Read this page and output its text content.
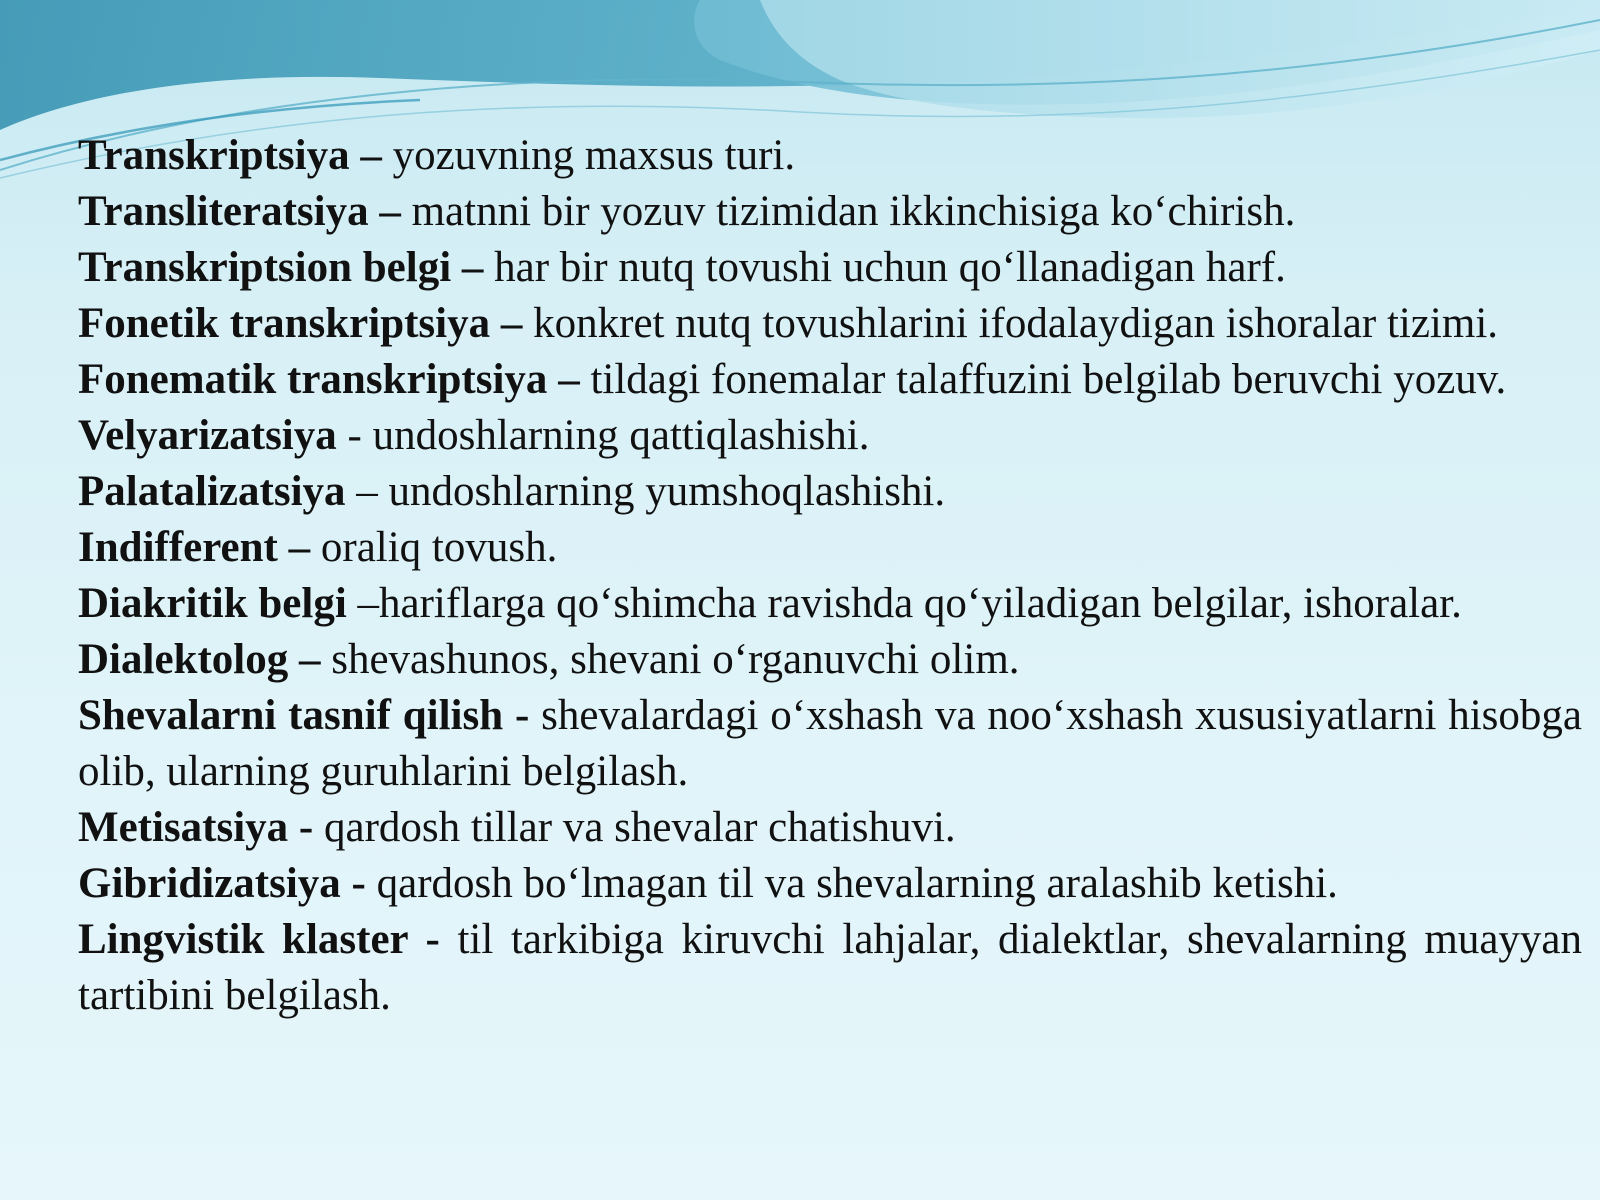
Transkriptsiya – yozuvning maxsus turi.

Transliteratsiya – matnni bir yozuv tizimidan ikkinchisiga ko‘chirish.

Transkriptsion belgi – har bir nutq tovushi uchun qo‘llanadigan harf.

Fonetik transkriptsiya – konkret nutq tovushlarini ifodalaydigan ishoralar tizimi.

Fonematik transkriptsiya – tildagi fonemalar talaffuzini belgilab beruvchi yozuv.

Velyarizatsiya - undoshlarning qattiqlashishi.

Palatalizatsiya – undoshlarning yumshoqlashishi.

Indifferent – oraliq tovush.

Diakritik belgi –hariflarga qo‘shimcha ravishda qo‘yiladigan belgilar, ishoralar.

Dialektolog – shevashunos, shevani o‘rganuvchi olim.

Shevalarni tasnif qilish - shevalardagi o‘xshash va noo‘xshash xususiyatlarni hisobga olib, ularning guruhlarini belgilash.

Metisatsiya - qardosh tillar va shevalar chatishuvi.

Gibridizatsiya - qardosh bo‘lmagan til va shevalarning aralashib ketishi.

Lingvistik klaster - til tarkibiga kiruvchi lahjalar, dialektlar, shevalarning muayyan tartibini belgilash.
